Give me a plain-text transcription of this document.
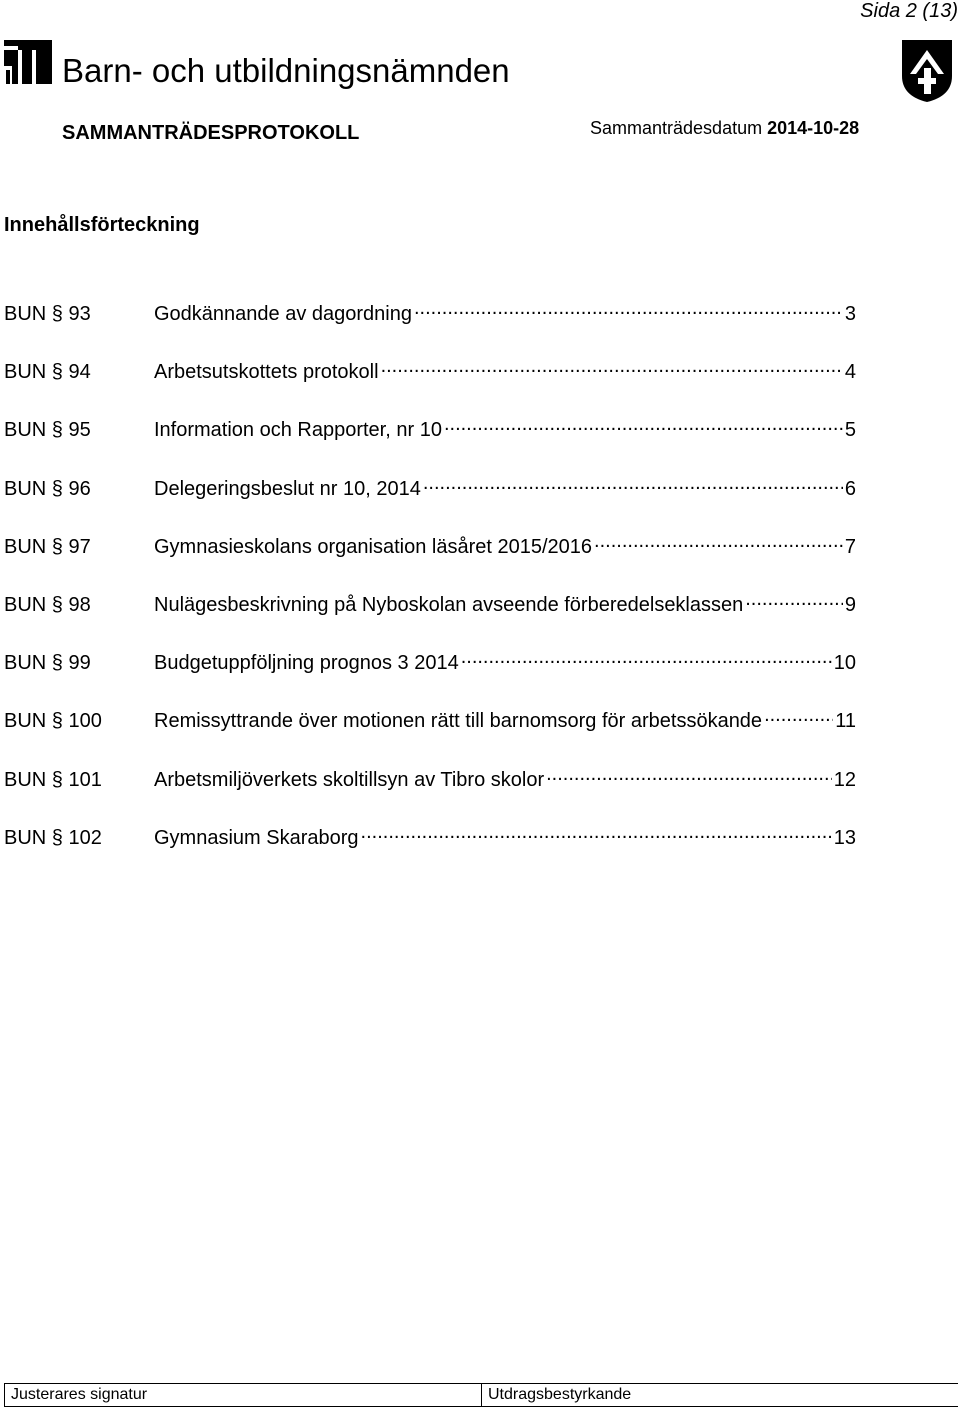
Sida 2 (13)
Barn- och utbildningsnämnden
SAMMANTRÄDESPROTOKOLL	Sammanträdesdatum 2014-10-28
Innehållsförteckning
BUN § 93	Godkännande av dagordning .....	3
BUN § 94	Arbetsutskottets protokoll .....	4
BUN § 95	Information och Rapporter, nr 10 .....	5
BUN § 96	Delegeringsbeslut nr 10, 2014 .....	6
BUN § 97	Gymnasieskolans organisation läsåret 2015/2016 .....	7
BUN § 98	Nulägesbeskrivning på Nyboskolan avseende förberedelseklassen .....	9
BUN § 99	Budgetuppföljning prognos 3 2014 .....	10
BUN § 100	Remissyttrande över motionen rätt till barnomsorg för arbetssökande .....	11
BUN § 101	Arbetsmiljöverkets skoltillsyn av Tibro skolor .....	12
BUN § 102	Gymnasium Skaraborg .....	13
Justerares signatur	Utdragsbestyrkande
